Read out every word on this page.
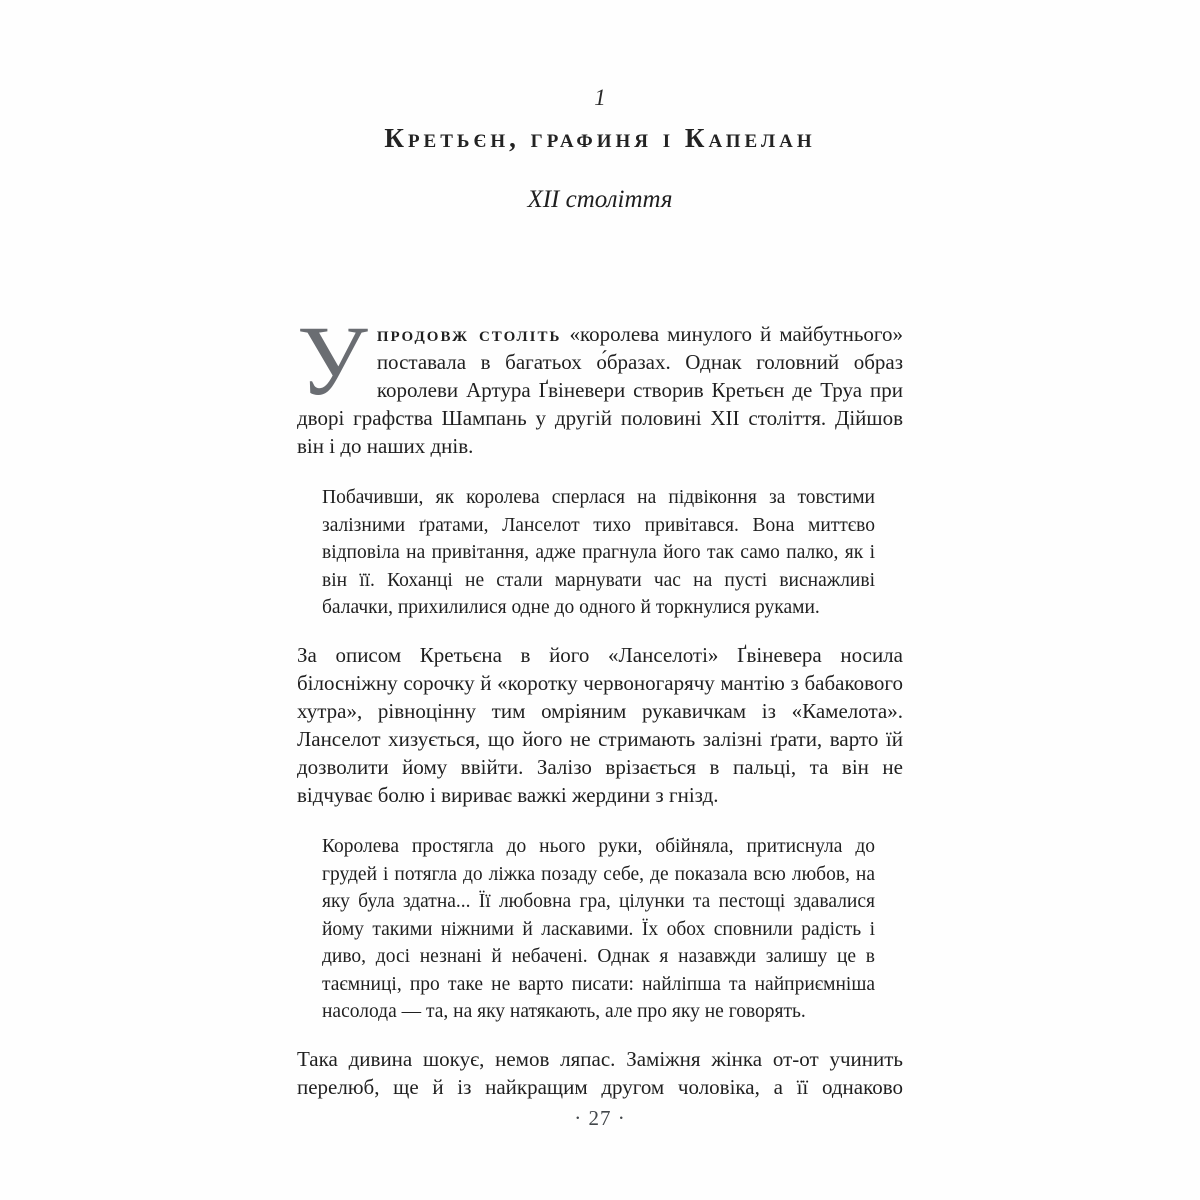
1
Кретьєн, графиня і Капелан
XII століття

У продовж століть «королева минулого й майбутнього» поставала в багатьох о́бразах. Однак головний образ королеви Артура Ґвіневери створив Кретьєн де Труа при дворі графства Шампань у другій половині XII століття. Дійшов він і до наших днів.

Побачивши, як королева сперлася на підвіконня за товстими залізними ґратами, Ланселот тихо привітався. Вона миттєво відповіла на привітання, адже прагнула його так само палко, як і він її. Коханці не стали марнувати час на пусті виснажливі балачки, прихилилися одне до одного й торкнулися руками.

За описом Кретьєна в його «Ланселоті» Ґвіневера носила білосніжну сорочку й «коротку червоногарячу мантію з бабакового хутра», рівноцінну тим омріяним рукавичкам із «Камелота». Ланселот хизується, що його не стримають залізні ґрати, варто їй дозволити йому ввійти. Залізо врізається в пальці, та він не відчуває болю і вириває важкі жердини з гнізд.

Королева простягла до нього руки, обійняла, притиснула до грудей і потягла до ліжка позаду себе, де показала всю любов, на яку була здатна... Її любовна гра, цілунки та пестощі здавалися йому такими ніжними й ласкавими. Їх обох сповнили радість і диво, досі незнані й небачені. Однак я назавжди залишу це в таємниці, про таке не варто писати: найліпша та найприємніша насолода — та, на яку натякають, але про яку не говорять.

Така дивина шокує, немов ляпас. Заміжня жінка от-от учинить перелюб, ще й із найкращим другом чоловіка, а її однаково

· 27 ·
